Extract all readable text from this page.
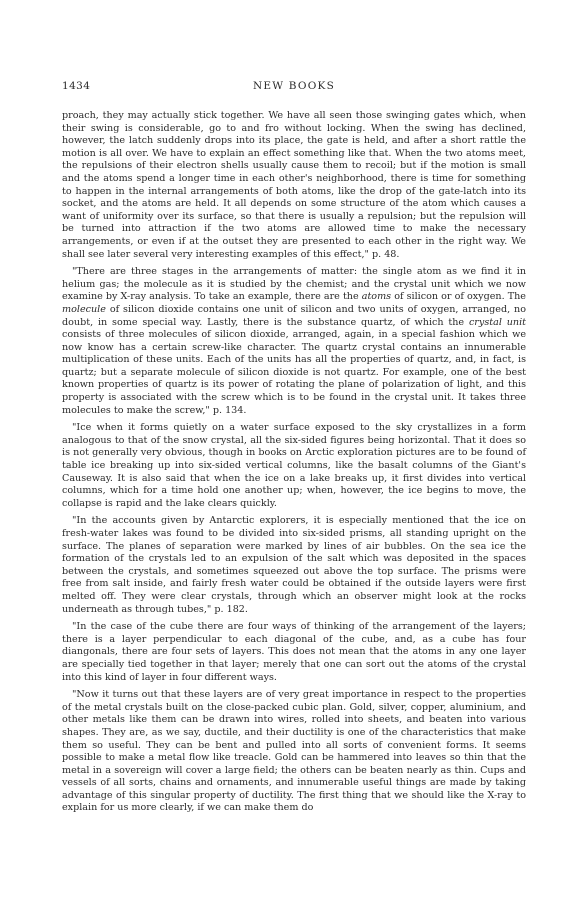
1434	NEW BOOKS

proach, they may actually stick together. We have all seen those swinging gates which, when their swing is considerable, go to and fro without locking. When the swing has declined, however, the latch suddenly drops into its place, the gate is held, and after a short rattle the motion is all over. We have to explain an effect something like that. When the two atoms meet, the repulsions of their electron shells usually cause them to recoil; but if the motion is small and the atoms spend a longer time in each other's neighborhood, there is time for something to happen in the internal arrangements of both atoms, like the drop of the gate-latch into its socket, and the atoms are held. It all depends on some structure of the atom which causes a want of uniformity over its surface, so that there is usually a repulsion; but the repulsion will be turned into attraction if the two atoms are allowed time to make the necessary arrangements, or even if at the outset they are presented to each other in the right way. We shall see later several very interesting examples of this effect," p. 48.

"There are three stages in the arrangements of matter: the single atom as we find it in helium gas; the molecule as it is studied by the chemist; and the crystal unit which we now examine by X-ray analysis. To take an example, there are the atoms of silicon or of oxygen. The molecule of silicon dioxide contains one unit of silicon and two units of oxygen, arranged, no doubt, in some special way. Lastly, there is the substance quartz, of which the crystal unit consists of three molecules of silicon dioxide, arranged, again, in a special fashion which we now know has a certain screw-like character. The quartz crystal contains an innumerable multiplication of these units. Each of the units has all the properties of quartz, and, in fact, is quartz; but a separate molecule of silicon dioxide is not quartz. For example, one of the best known properties of quartz is its power of rotating the plane of polarization of light, and this property is associated with the screw which is to be found in the crystal unit. It takes three molecules to make the screw," p. 134.

"Ice when it forms quietly on a water surface exposed to the sky crystallizes in a form analogous to that of the snow crystal, all the six-sided figures being horizontal. That it does so is not generally very obvious, though in books on Arctic exploration pictures are to be found of table ice breaking up into six-sided vertical columns, like the basalt columns of the Giant's Causeway. It is also said that when the ice on a lake breaks up, it first divides into vertical columns, which for a time hold one another up; when, however, the ice begins to move, the collapse is rapid and the lake clears quickly.

"In the accounts given by Antarctic explorers, it is especially mentioned that the ice on fresh-water lakes was found to be divided into six-sided prisms, all standing upright on the surface. The planes of separation were marked by lines of air bubbles. On the sea ice the formation of the crystals led to an expulsion of the salt which was deposited in the spaces between the crystals, and sometimes squeezed out above the top surface. The prisms were free from salt inside, and fairly fresh water could be obtained if the outside layers were first melted off. They were clear crystals, through which an observer might look at the rocks underneath as through tubes," p. 182.

"In the case of the cube there are four ways of thinking of the arrangement of the layers; there is a layer perpendicular to each diagonal of the cube, and, as a cube has four diangonals, there are four sets of layers. This does not mean that the atoms in any one layer are specially tied together in that layer; merely that one can sort out the atoms of the crystal into this kind of layer in four different ways.

"Now it turns out that these layers are of very great importance in respect to the properties of the metal crystals built on the close-packed cubic plan. Gold, silver, copper, aluminium, and other metals like them can be drawn into wires, rolled into sheets, and beaten into various shapes. They are, as we say, ductile, and their ductility is one of the characteristics that make them so useful. They can be bent and pulled into all sorts of convenient forms. It seems possible to make a metal flow like treacle. Gold can be hammered into leaves so thin that the metal in a sovereign will cover a large field; the others can be beaten nearly as thin. Cups and vessels of all sorts, chains and ornaments, and innumerable useful things are made by taking advantage of this singular property of ductility. The first thing that we should like the X-ray to explain for us more clearly, if we can make them do
